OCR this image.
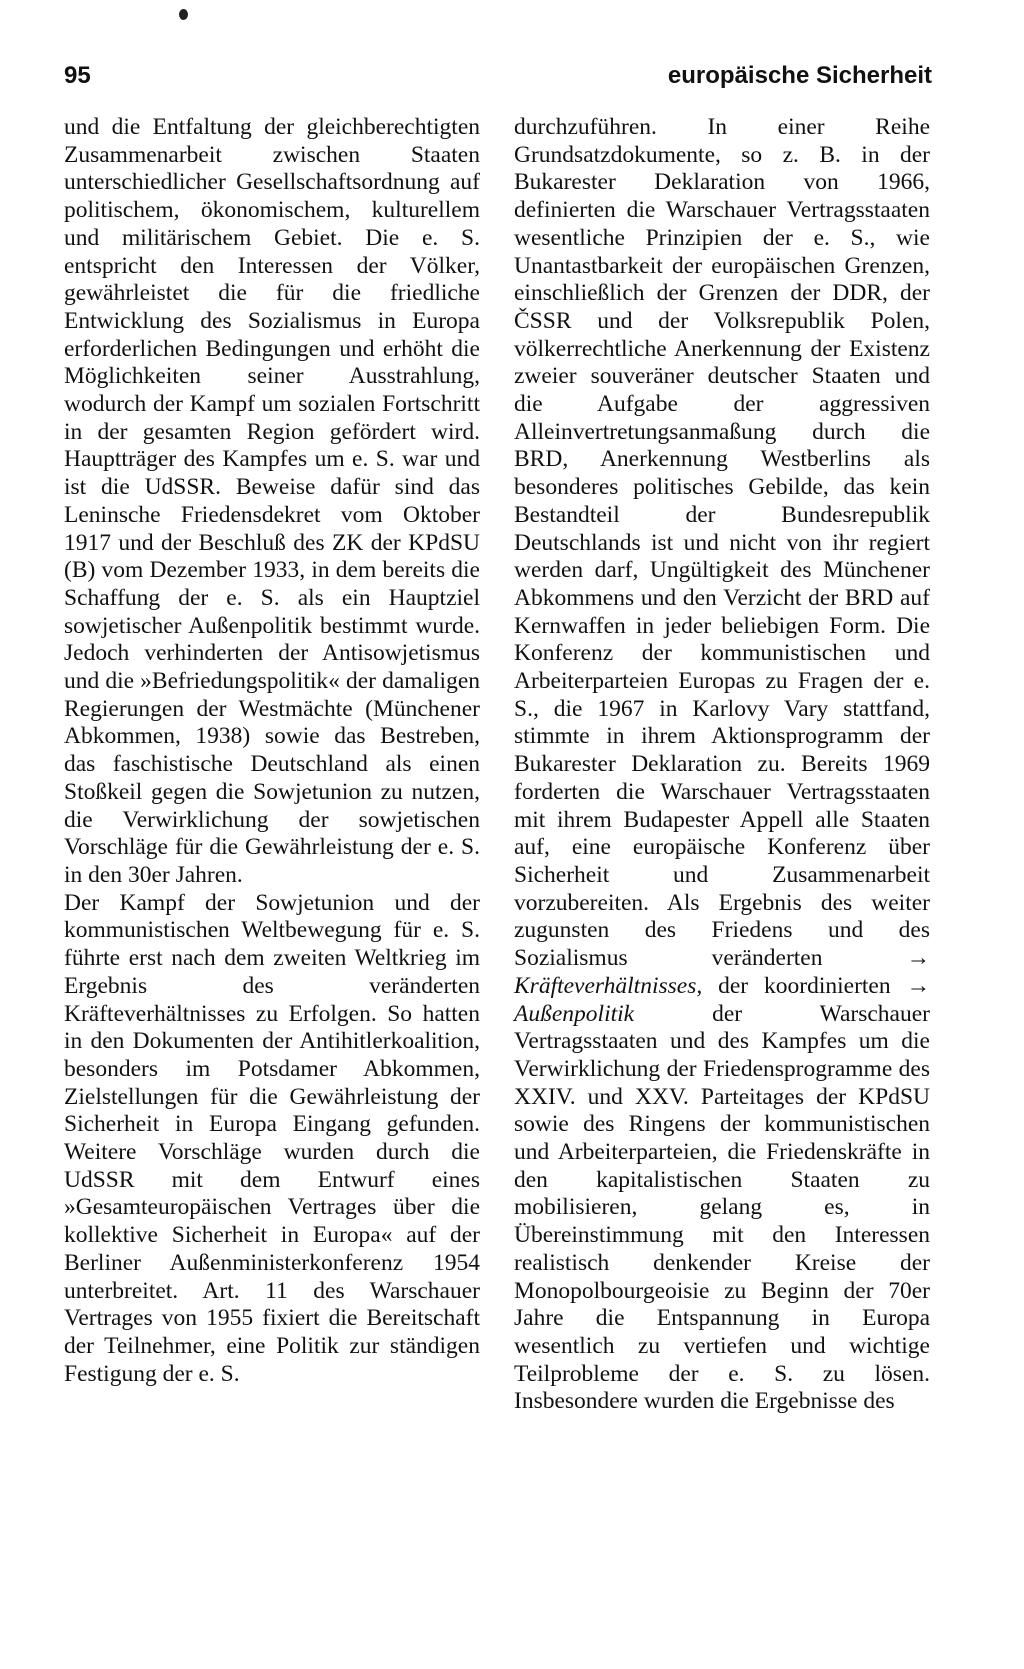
95	europäische Sicherheit
und die Entfaltung der gleichberechtigten Zusammenarbeit zwischen Staaten unterschiedlicher Gesellschaftsordnung auf politischem, ökonomischem, kulturellem und militärischem Gebiet. Die e. S. entspricht den Interessen der Völker, gewährleistet die für die friedliche Entwicklung des Sozialismus in Europa erforderlichen Bedingungen und erhöht die Möglichkeiten seiner Ausstrahlung, wodurch der Kampf um sozialen Fortschritt in der gesamten Region gefördert wird. Hauptträger des Kampfes um e. S. war und ist die UdSSR. Beweise dafür sind das Leninsche Friedensdekret vom Oktober 1917 und der Beschluß des ZK der KPdSU (B) vom Dezember 1933, in dem bereits die Schaffung der e. S. als ein Hauptziel sowjetischer Außenpolitik bestimmt wurde. Jedoch verhinderten der Antisowjetismus und die »Befriedungspolitik« der damaligen Regierungen der Westmächte (Münchener Abkommen, 1938) sowie das Bestreben, das faschistische Deutschland als einen Stoßkeil gegen die Sowjetunion zu nutzen, die Verwirklichung der sowjetischen Vorschläge für die Gewährleistung der e. S. in den 30er Jahren.
Der Kampf der Sowjetunion und der kommunistischen Weltbewegung für e. S. führte erst nach dem zweiten Weltkrieg im Ergebnis des veränderten Kräfteverhältnisses zu Erfolgen. So hatten in den Dokumenten der Antihitlerkoalition, besonders im Potsdamer Abkommen, Zielstellungen für die Gewährleistung der Sicherheit in Europa Eingang gefunden. Weitere Vorschläge wurden durch die UdSSR mit dem Entwurf eines »Gesamteuropäischen Vertrages über die kollektive Sicherheit in Europa« auf der Berliner Außenministerkonferenz 1954 unterbreitet. Art. 11 des Warschauer Vertrages von 1955 fixiert die Bereitschaft der Teilnehmer, eine Politik zur ständigen Festigung der e. S.
durchzuführen. In einer Reihe Grundsatzdokumente, so z. B. in der Bukarester Deklaration von 1966, definierten die Warschauer Vertragsstaaten wesentliche Prinzipien der e. S., wie Unantastbarkeit der europäischen Grenzen, einschließlich der Grenzen der DDR, der ČSSR und der Volksrepublik Polen, völkerrechtliche Anerkennung der Existenz zweier souveräner deutscher Staaten und die Aufgabe der aggressiven Alleinvertretungsanmaßung durch die BRD, Anerkennung Westberlins als besonderes politisches Gebilde, das kein Bestandteil der Bundesrepublik Deutschlands ist und nicht von ihr regiert werden darf, Ungültigkeit des Münchener Abkommens und den Verzicht der BRD auf Kernwaffen in jeder beliebigen Form. Die Konferenz der kommunistischen und Arbeiterparteien Europas zu Fragen der e. S., die 1967 in Karlovy Vary stattfand, stimmte in ihrem Aktionsprogramm der Bukarester Deklaration zu. Bereits 1969 forderten die Warschauer Vertragsstaaten mit ihrem Budapester Appell alle Staaten auf, eine europäische Konferenz über Sicherheit und Zusammenarbeit vorzubereiten. Als Ergebnis des weiter zugunsten des Friedens und des Sozialismus veränderten	→ Kräfteverhältnisses, der koordinierten → Außenpolitik	der Warschauer Vertragsstaaten und des Kampfes um die Verwirklichung der Friedensprogramme des XXIV. und XXV. Parteitages der KPdSU sowie des Ringens der kommunistischen und Arbeiterparteien, die Friedenskräfte in den kapitalistischen Staaten zu mobilisieren, gelang es, in Übereinstimmung mit den Interessen realistisch denkender Kreise der Monopolbourgeoisie zu Beginn der 70er Jahre die Entspannung in Europa wesentlich zu vertiefen und wichtige Teilprobleme der e. S. zu lösen. Insbesondere wurden die Ergebnisse des
